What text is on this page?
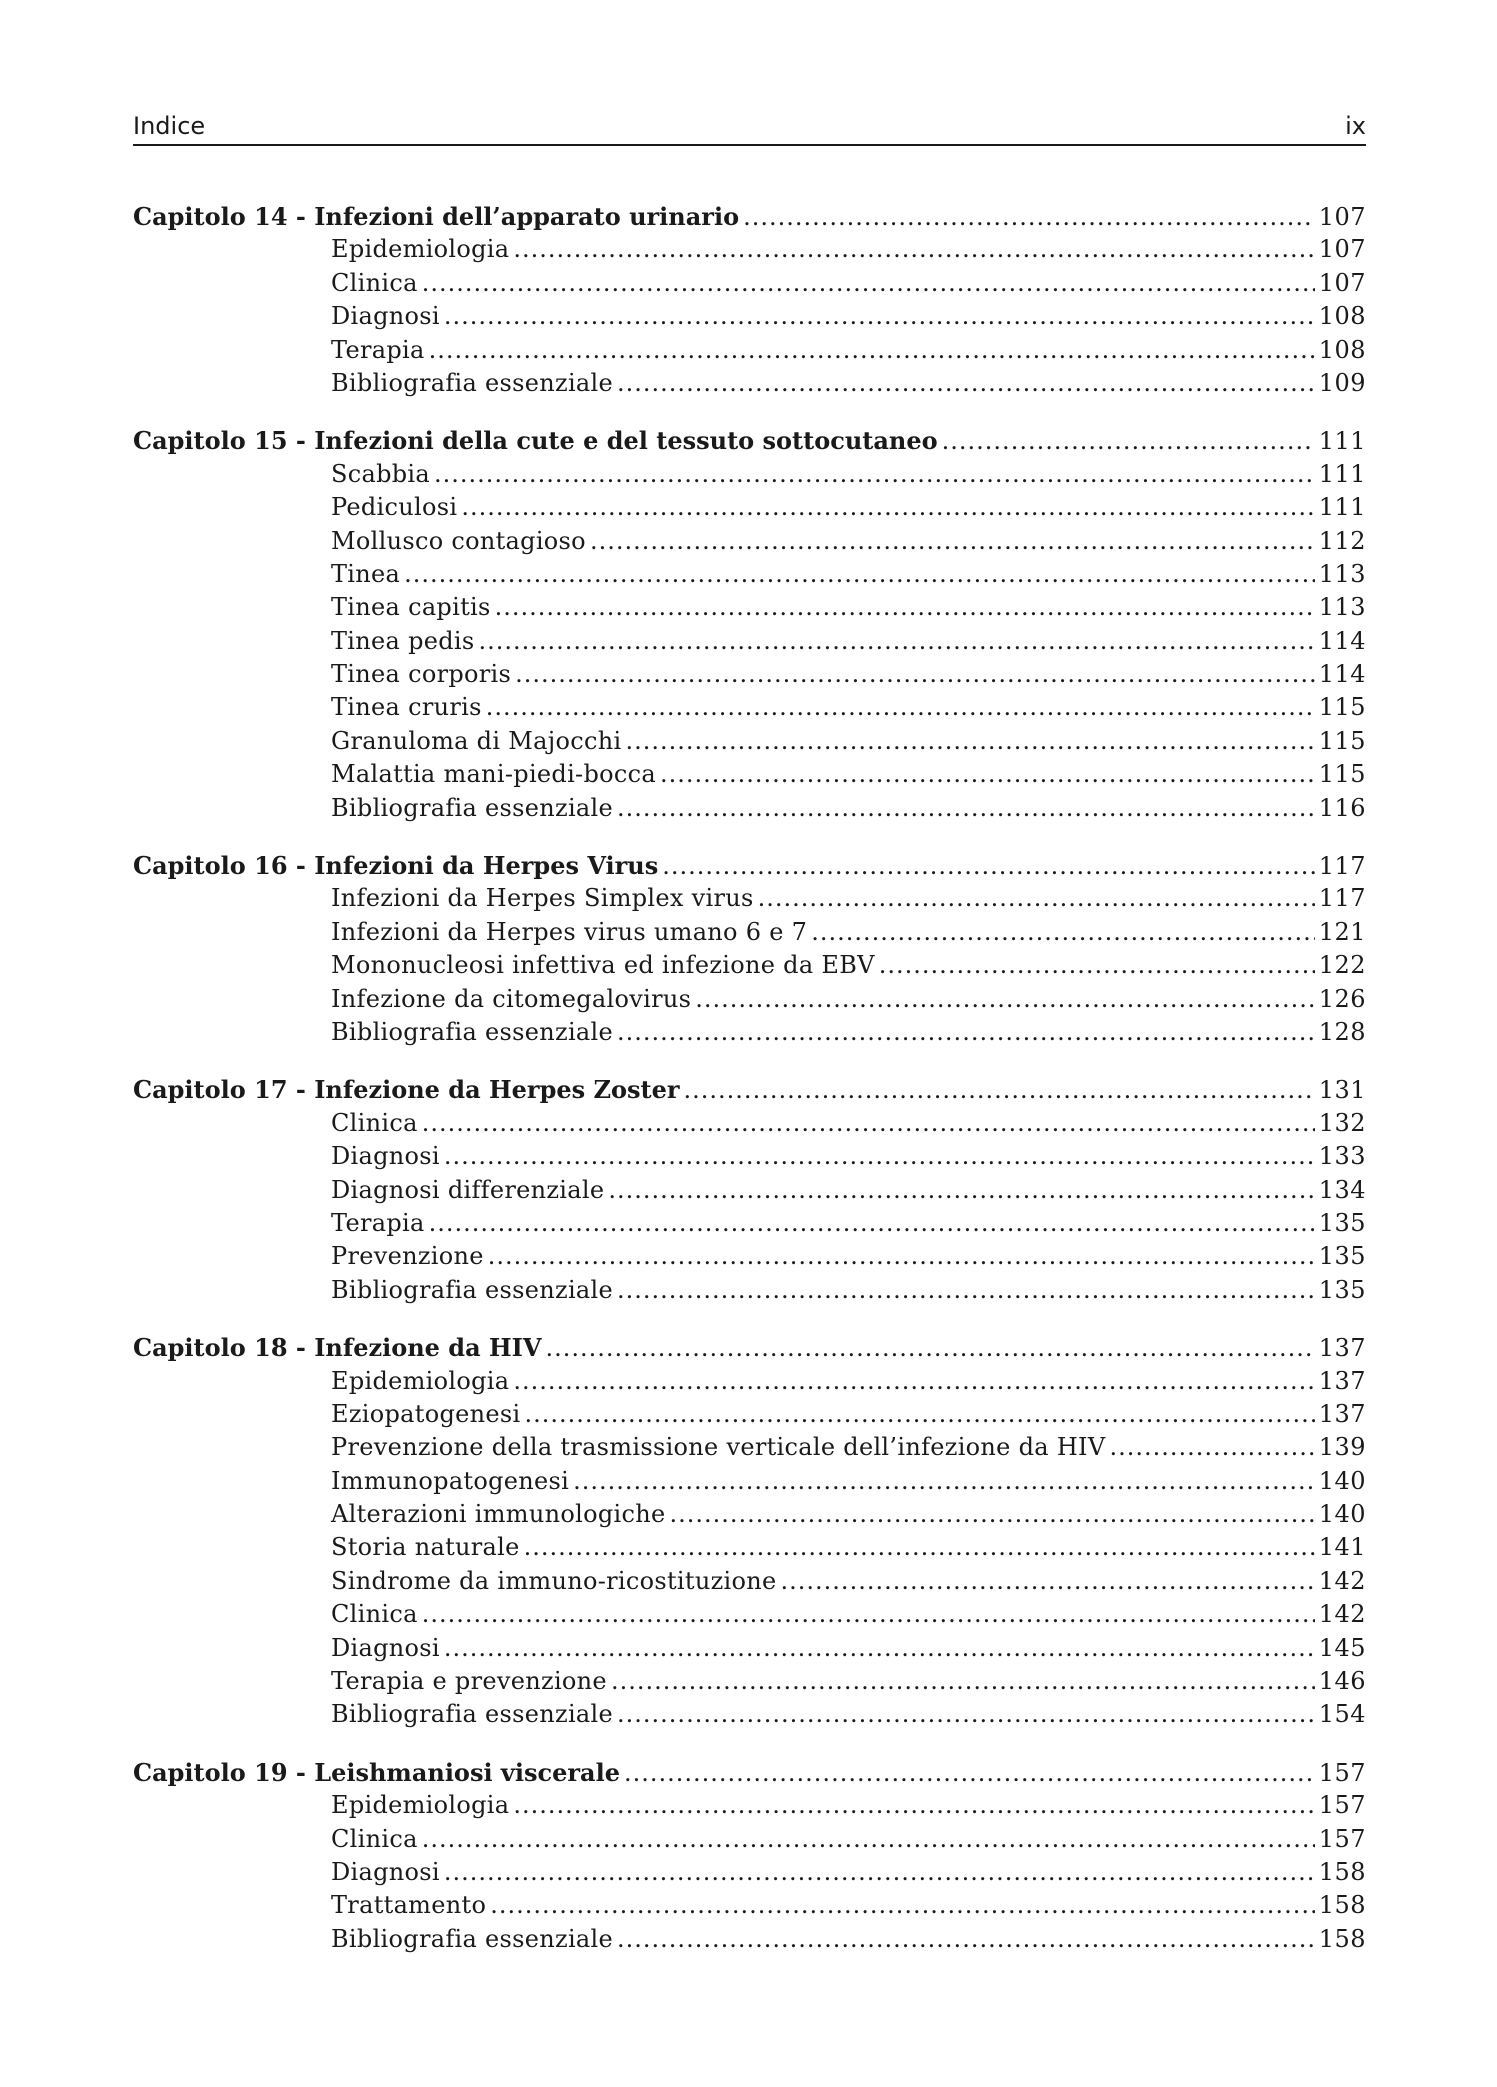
Indice	ix
Capitolo 14 - Infezioni dell’apparato urinario .....	107
Epidemiologia .....	107
Clinica .....	107
Diagnosi .....	108
Terapia .....	108
Bibliografia essenziale .....	109
Capitolo 15 - Infezioni della cute e del tessuto sottocutaneo .....	111
Scabbia .....	111
Pediculosi .....	111
Mollusco contagioso .....	112
Tinea .....	113
Tinea capitis .....	113
Tinea pedis .....	114
Tinea corporis .....	114
Tinea cruris .....	115
Granuloma di Majocchi .....	115
Malattia mani-piedi-bocca .....	115
Bibliografia essenziale .....	116
Capitolo 16 - Infezioni da Herpes Virus .....	117
Infezioni da Herpes Simplex virus .....	117
Infezioni da Herpes virus umano 6 e 7 .....	121
Mononucleosi infettiva ed infezione da EBV .....	122
Infezione da citomegalovirus .....	126
Bibliografia essenziale .....	128
Capitolo 17 - Infezione da Herpes Zoster .....	131
Clinica .....	132
Diagnosi .....	133
Diagnosi differenziale .....	134
Terapia .....	135
Prevenzione .....	135
Bibliografia essenziale .....	135
Capitolo 18 - Infezione da HIV .....	137
Epidemiologia .....	137
Eziopatogenesi .....	137
Prevenzione della trasmissione verticale dell’infezione da HIV .....	139
Immunopatogenesi .....	140
Alterazioni immunologiche .....	140
Storia naturale .....	141
Sindrome da immuno-ricostituzione .....	142
Clinica .....	142
Diagnosi .....	145
Terapia e prevenzione .....	146
Bibliografia essenziale .....	154
Capitolo 19 - Leishmaniosi viscerale .....	157
Epidemiologia .....	157
Clinica .....	157
Diagnosi .....	158
Trattamento .....	158
Bibliografia essenziale .....	158
